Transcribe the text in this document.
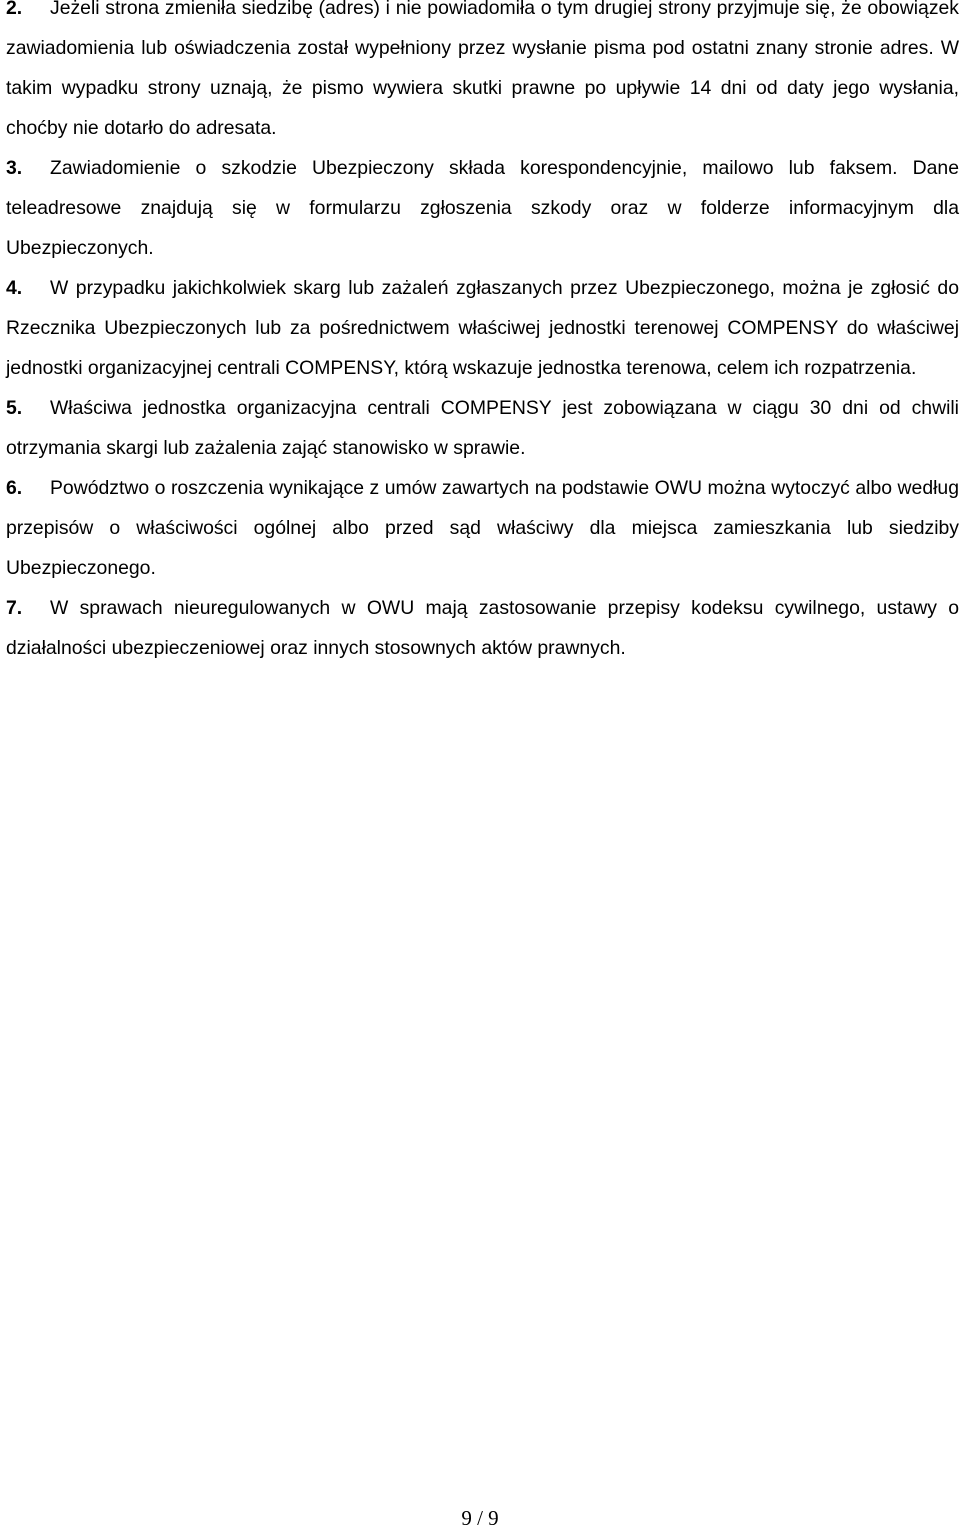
2. Jeżeli strona zmieniła siedzibę (adres) i nie powiadomiła o tym drugiej strony przyjmuje się, że obowiązek zawiadomienia lub oświadczenia został wypełniony przez wysłanie pisma pod ostatni znany stronie adres. W takim wypadku strony uznają, że pismo wywiera skutki prawne po upływie 14 dni od daty jego wysłania, choćby nie dotarło do adresata.

3. Zawiadomienie o szkodzie Ubezpieczony składa korespondencyjnie, mailowo lub faksem. Dane teleadresowe znajdują się w formularzu zgłoszenia szkody oraz w folderze informacyjnym dla Ubezpieczonych.

4. W przypadku jakichkolwiek skarg lub zażaleń zgłaszanych przez Ubezpieczonego, można je zgłosić do Rzecznika Ubezpieczonych lub za pośrednictwem właściwej jednostki terenowej COMPENSY do właściwej jednostki organizacyjnej centrali COMPENSY, którą wskazuje jednostka terenowa, celem ich rozpatrzenia.

5. Właściwa jednostka organizacyjna centrali COMPENSY jest zobowiązana w ciągu 30 dni od chwili otrzymania skargi lub zażalenia zająć stanowisko w sprawie.

6. Powództwo o roszczenia wynikające z umów zawartych na podstawie OWU można wytoczyć albo według przepisów o właściwości ogólnej albo przed sąd właściwy dla miejsca zamieszkania lub siedziby Ubezpieczonego.

7. W sprawach nieuregulowanych w OWU mają zastosowanie przepisy kodeksu cywilnego, ustawy o działalności ubezpieczeniowej oraz innych stosownych aktów prawnych.

9 / 9
